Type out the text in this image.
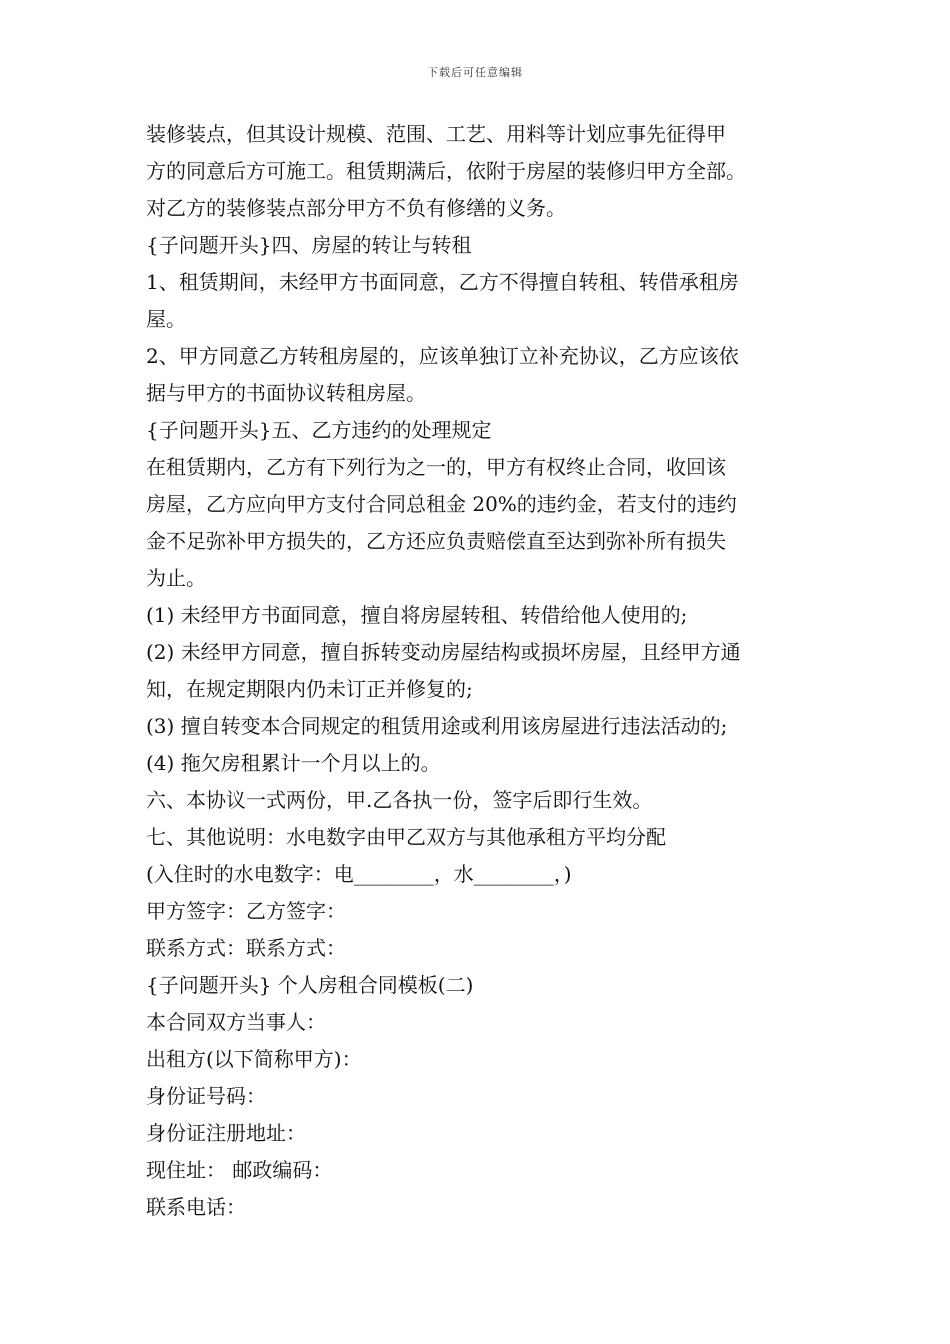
下载后可任意编辑
装修装点，但其设计规模、范围、工艺、用料等计划应事先征得甲
方的同意后方可施工。租赁期满后，依附于房屋的装修归甲方全部。
对乙方的装修装点部分甲方不负有修缮的义务。
{子问题开头}四、房屋的转让与转租
1、租赁期间，未经甲方书面同意，乙方不得擅自转租、转借承租房
屋。
2、甲方同意乙方转租房屋的，应该单独订立补充协议，乙方应该依
据与甲方的书面协议转租房屋。
{子问题开头}五、乙方违约的处理规定
在租赁期内，乙方有下列行为之一的，甲方有权终止合同，收回该
房屋，乙方应向甲方支付合同总租金 20%的违约金，若支付的违约
金不足弥补甲方损失的，乙方还应负责赔偿直至达到弥补所有损失
为止。
(1) 未经甲方书面同意，擅自将房屋转租、转借给他人使用的;
(2) 未经甲方同意，擅自拆转变动房屋结构或损坏房屋，且经甲方通
知，在规定期限内仍未订正并修复的;
(3) 擅自转变本合同规定的租赁用途或利用该房屋进行违法活动的;
(4) 拖欠房租累计一个月以上的。
六、本协议一式两份，甲.乙各执一份，签字后即行生效。
七、其他说明：水电数字由甲乙双方与其他承租方平均分配
(入住时的水电数字：电________，水________，)
甲方签字：乙方签字：
联系方式：联系方式：
{子问题开头} 个人房租合同模板(二)
本合同双方当事人：
出租方(以下简称甲方)：
身份证号码：
身份证注册地址：
现住址： 邮政编码：
联系电话：
